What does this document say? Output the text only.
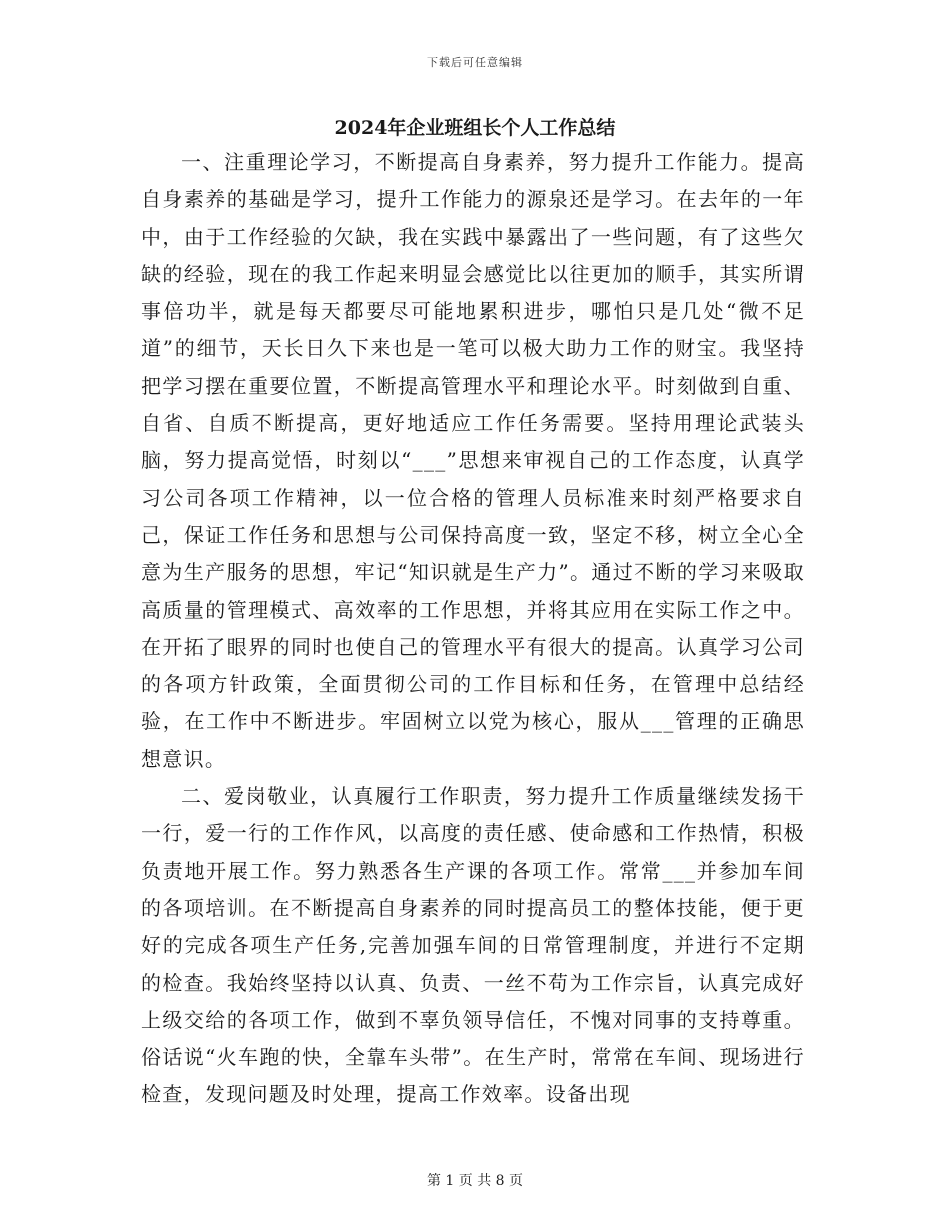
下载后可任意编辑
2024年企业班组长个人工作总结

一、注重理论学习，不断提高自身素养，努力提升工作能力。提高自身素养的基础是学习，提升工作能力的源泉还是学习。在去年的一年中，由于工作经验的欠缺，我在实践中暴露出了一些问题，有了这些欠缺的经验，现在的我工作起来明显会感觉比以往更加的顺手，其实所谓事倍功半，就是每天都要尽可能地累积进步，哪怕只是几处“微不足道”的细节，天长日久下来也是一笔可以极大助力工作的财宝。我坚持把学习摆在重要位置，不断提高管理水平和理论水平。时刻做到自重、自省、自质不断提高，更好地适应工作任务需要。坚持用理论武装头脑，努力提高觉悟，时刻以“___”思想来审视自己的工作态度，认真学习公司各项工作精神，以一位合格的管理人员标准来时刻严格要求自己，保证工作任务和思想与公司保持高度一致，坚定不移，树立全心全意为生产服务的思想，牢记“知识就是生产力”。通过不断的学习来吸取高质量的管理模式、高效率的工作思想，并将其应用在实际工作之中。在开拓了眼界的同时也使自己的管理水平有很大的提高。认真学习公司的各项方针政策，全面贯彻公司的工作目标和任务，在管理中总结经验，在工作中不断进步。牢固树立以党为核心，服从___管理的正确思想意识。

二、爱岗敬业，认真履行工作职责，努力提升工作质量继续发扬干一行，爱一行的工作作风，以高度的责任感、使命感和工作热情，积极负责地开展工作。努力熟悉各生产课的各项工作。常常___并参加车间的各项培训。在不断提高自身素养的同时提高员工的整体技能，便于更好的完成各项生产任务,完善加强车间的日常管理制度，并进行不定期的检查。我始终坚持以认真、负责、一丝不苟为工作宗旨，认真完成好上级交给的各项工作，做到不辜负领导信任，不愧对同事的支持尊重。俗话说“火车跑的快，全靠车头带”。在生产时，常常在车间、现场进行检查，发现问题及时处理，提高工作效率。设备出现

第 1 页 共 8 页
